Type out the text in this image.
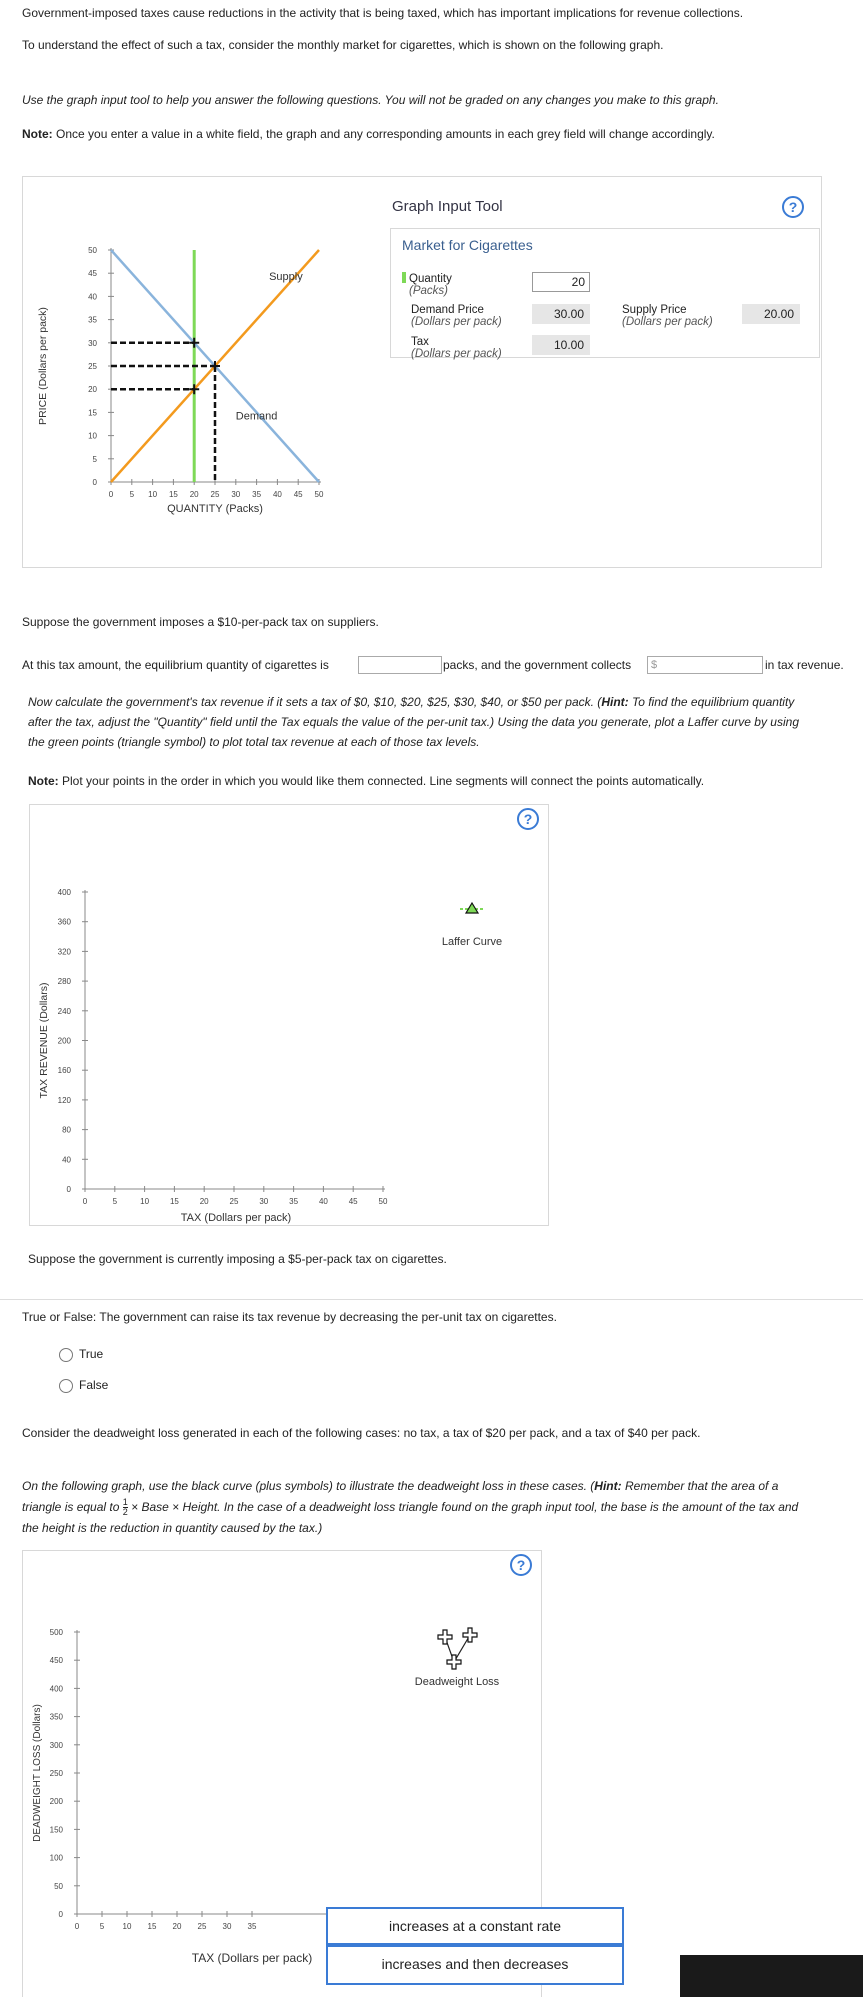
Government-imposed taxes cause reductions in the activity that is being taxed, which has important implications for revenue collections.
To understand the effect of such a tax, consider the monthly market for cigarettes, which is shown on the following graph.
Use the graph input tool to help you answer the following questions. You will not be graded on any changes you make to this graph.
Note: Once you enter a value in a white field, the graph and any corresponding amounts in each grey field will change accordingly.
?
0 5 10 15 20 25 30 35 40 45 50
0
5
10
15
20
25
30
35
40
45
50
Supply
Demand
QUANTITY (Packs)
PRICE (Dollars per pack)
Graph Input Tool
Market for Cigarettes
Quantity
(Packs)
20
Demand Price
(Dollars per pack)
30.00	Supply Price
(Dollars per pack)
20.00
Tax
(Dollars per pack)
10.00
Suppose the government imposes a $10-per-pack tax on suppliers.
At this tax amount, the equilibrium quantity of cigarettes is	packs, and the government collects $	in tax revenue.
Now calculate the government's tax revenue if it sets a tax of $0, $10, $20, $25, $30, $40, or $50 per pack. (Hint: To find the equilibrium quantity
after the tax, adjust the "Quantity" field until the Tax equals the value of the per-unit tax.) Using the data you generate, plot a Laffer curve by using
the green points (triangle symbol) to plot total tax revenue at each of those tax levels.
Note: Plot your points in the order in which you would like them connected. Line segments will connect the points automatically.
?
0	5	10	15	20	25	30	35	40	45	50
0
40
80
120
160
200
240
280
320
360
400
Laffer Curve
TAX (Dollars per pack)
TAX REVENUE (Dollars)
Suppose the government is currently imposing a $5-per-pack tax on cigarettes.
True or False: The government can raise its tax revenue by decreasing the per-unit tax on cigarettes.
True
False
Consider the deadweight loss generated in each of the following cases: no tax, a tax of $20 per pack, and a tax of $40 per pack.
On the following graph, use the black curve (plus symbols) to illustrate the deadweight loss in these cases. (Hint: Remember that the area of a
triangle is equal to $\frac{1}{2}$ × Base × Height. In the case of a deadweight loss triangle found on the graph input tool, the base is the amount of the tax and
the height is the reduction in quantity caused by the tax.)
?
0	5 10 15 20 25 30 35
0
50
100
150
200
250
300
350
400
450
500
Deadweight Loss
TAX (Dollars per pack)
DEADWEIGHT LOSS (Dollars)
increases at a constant rate
increases and then decreases
